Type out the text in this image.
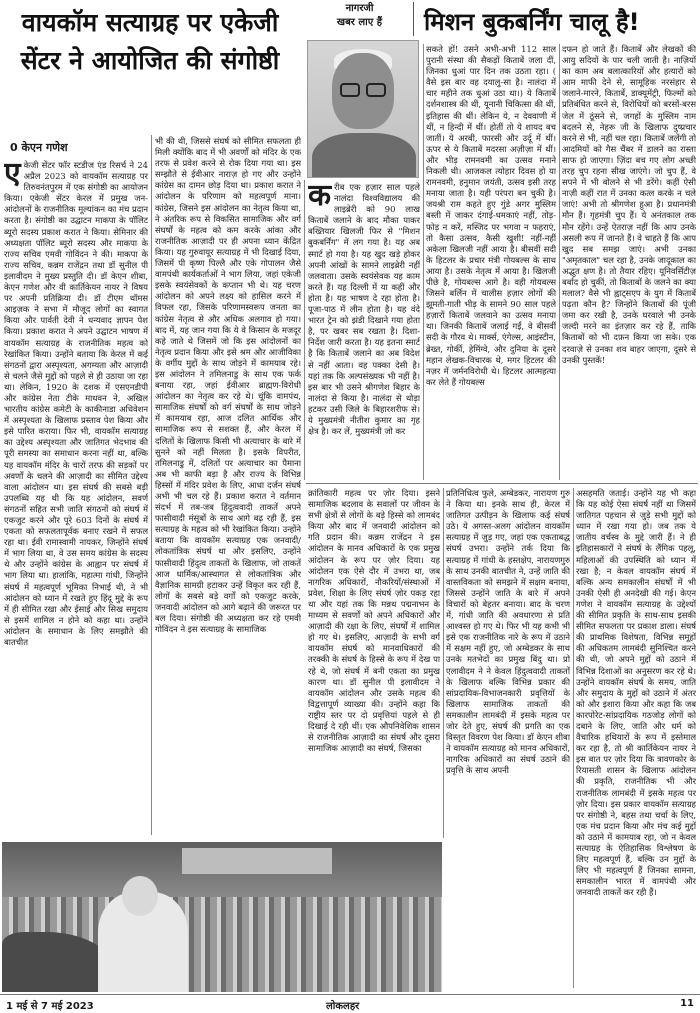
वायकॉम सत्याग्रह पर एकेजी सेंटर ने आयोजित की संगोष्ठी
0 केएन गणेश
नागरजी
खबर लाए हैं	मिशन बुकबर्निंग चालू है!
एकेजी सेंटर फॉर स्टडीज एंड रिसर्च ने 24 अप्रैल 2023 को वायकॉम सत्याग्रह पर तिरुवनंतपुरम में एक संगोष्ठी का आयोजन किया। एकेजी सेंटर केरल में प्रमुख जन-आंदोलनों के राजनीतिक मूल्यांकन का मंच प्रदान करता है। संगोष्ठी का उद्घाटन माकपा के पॉलिट ब्यूरो सदस्य प्रकाश करात ने किया। सेमिनार की अध्यक्षता पॉलिट ब्यूरो सदस्य और माकपा के राज्य सचिव एमवी गोविंदन ने की। माकपा के राज्य सचिव, कन्नम राजेंद्रन तथा डॉ सुनील पी इलावीदम ने मुख्य प्रस्तुति दी। डॉ केएन शीबा, केएन गणेश और वी कार्तिकेयन नायर ने विषय पर अपनी प्रतिक्रिया दी। डॉ टीएम थॉमस आइज़क ने सभा में मौजूद लोगों का स्वागत किया और पार्वती देवी ने धन्यवाद ज्ञापन पेश किया। प्रकाश करात ने अपने उद्घाटन भाषण में वायकॉम सत्याग्रह के राजनीतिक महत्व को रेखांकित किया। उन्होंने बताया कि केरल में कई संगठनों द्वारा अस्पृश्यता, अगम्यता और आज़ादी से चलने जैसे मुद्दों को पहले से ही उठाया जा रहा था। लेकिन, 1920 के दशक में एसएनडीपी और कांग्रेस नेता टीके माधवन ने, अखिल भारतीय कांग्रेस कमेटी के काकीनाडा अधिवेशन में अस्पृश्यता के खिलाफ प्रस्ताव पेश किया और इसे पारित कराया। फिर भी, वायकॉम सत्याग्रह का उद्देश्य अस्पृश्यता और जातिगत भेदभाव की पूरी समस्या का समाधान करना नहीं था, बल्कि यह वायकॉम मंदिर के चारों तरफ की सड़कों पर अवर्णों के चलने की आज़ादी का सीमित उद्देश्य वाला आंदोलन था। इस संघर्ष की सबसे बड़ी उपलब्धि यह थी कि यह आंदोलन, सवर्ण संगठनों सहित सभी जाति संगठनों को संघर्ष में एकजुट करने और पूरे 603 दिनों के संघर्ष में एकता को सफलतापूर्वक बनाए रखने में सफल रहा था। ईवी रामास्वामी नायकर, जिन्होंने संघर्ष में भाग लिया था, वे उस समय कांग्रेस के सदस्य थे और उन्होंने कांग्रेस के आह्वान पर संघर्ष में भाग लिया था। हालांकि, महात्मा गांधी, जिन्होंने संघर्ष में महत्वपूर्ण भूमिका निभाई थी, ने भी आंदोलन को ध्यान में रखते हुए हिंदू मुद्दे के रूप में ही सीमित रखा और ईसाई और सिख समुदाय से इसमें शामिल न होने को कहा था। उन्होंने आंदोलन के समाधान के लिए समझौते की बातचीत
भी की थी, जिससे संघर्ष को सीमित सफलता ही मिली क्योंकि बाद में भी अवर्णों को मंदिर के एक तरफ से प्रवेश करने से रोक दिया गया था। इस सम्झौते से ईवीआर नाराज़ हो गए और उन्होंने कांग्रेस का दामन छोड़ दिया था। प्रकाश करात ने आंदोलन के परिणाम को महत्वपूर्ण माना। कांग्रेस, जिसने इस आंदोलन का नेतृत्व किया था, ने अंतरिक रूप से विकसित सामाजिक और वर्ग संघर्षों के महत्व को कम करके आंका और राजनीतिक आज़ादी पर ही अपना ध्यान केंद्रित किया। यह गुरुवायूर सत्याग्रह में भी दिखाई दिया, जिसमें पी कृष्ण पिल्लै और एके गोपालन जैसे वामपंथी कार्यकर्ताओं ने भाग लिया, जहां एकेजी इसके स्वयंसेवकों के कप्तान भी थे। यह चरण आंदोलन को अपने लक्ष्य को हासिल करने में विफल रहा, जिसके परिणामस्वरूप जनता का कांग्रेस नेतृत्व से और अधिक अलगाव हो गया। बाद में, यह जान गया कि ये वे किसान के मजदूर कहे जाते थे जिसमें जो कि इस आंदोलनों का नेतृत्व प्रदान किया और इसे श्रम और आजीविका के वर्गीय मुद्दों के साथ जोड़ने में कामयाब रहे। इस आंदोलन ने तमिलनाडु के साथ एक फर्क बनाया रहा, जहां ईवीआर ब्राह्मण-विरोधी आंदोलन का नेतृत्व कर रहे थे। चूंकि वामपंथ, सामाजिक संघर्षों को वर्ग संघर्षों के साथ जोड़ने में कामयाब रहा, आज दलित आर्थिक और सामाजिक रूप से सशक्त हैं, और केरल में दलितों के खिलाफ किसी भी अत्याचार के बारे में सुनने को नहीं मिलता है। इसके विपरीत, तमिलनाडु में, दलितों पर अत्याचार का पैमाना अब भी काफी बड़ा है और राज्य के विभिन्न हिस्सों में मंदिर प्रवेश के लिए, आधा दर्जन संघर्ष अभी भी चल रहे हैं। प्रकाश करात ने वर्तमान संदर्भ में तब-जब हिंदुत्ववादी ताकतें अपने फासीवादी मंसूबों के साथ आगे बढ़ रही हैं, इस सत्याग्रह के महत्व को भी रेखांकित किया। उन्होंने बताया कि वायकॉम सत्याग्रह एक जनवादी/लोकतांत्रिक संघर्ष था और इसलिए, उन्होंने फासीवादी हिंदुत्व ताकतों के खिलाफ, जो ताकतें आज धार्मिक/आस्थागत से लोकतांत्रिक और वैज्ञानिक सामग्री हटाकर उन्हें विकृत कर रही हैं, लोगों के सबसे बड़े वर्गों को एकजुट करके, जनवादी आंदोलन को आगे बढ़ाने की जरूरत पर बल दिया। संगोष्ठी की अध्यक्षता कर रहे एमवी गोविंदन ने इस सत्याग्रह के सामाजिक
करीब एक हज़ार साल पहले नालंदा विश्वविद्यालय की लाइब्रेरी को 90 लाख किताबें जलाने के बाद मौका पाकर बख्तियार खिलजी फिर से "मिशन बुकबर्निंग" में लग गया है। यह अब स्मार्ट हो गया है। यह खुद खड़े होकर अपनी आंखों के सामने लाइब्रेरी नहीं जलवाता। उसके स्वयंसेवक यह काम करते हैं। यह दिल्ली में या कहीं और होता है। यह भाषण दे रहा होता है। पूजा-पाठ में लीन होता है। यह वंदे भारत ट्रेन को झंडी दिखाने गया होता है, पर खबर सब रखता है। दिशा-निर्देश जारी करता है। यह इतना स्मार्ट है कि किताबें जलाने का अब विदेश से नहीं आता। वह पक्का देसी है। यहां तक कि अल्पसंख्यक भी नहीं है। इस बार भी उसने श्रीगणेश बिहार के नालंदा से किया है। नालंदा से थोड़ा हटकर उसी जिले के बिहारशरीफ से। ये मुख्यमंत्री नीतीश कुमार का गृह क्षेत्र है। कर लें, मुख्यमंत्री जो कर
सकते हों! उसने अभी-अभी 112 साल पुरानी संस्था की सैकड़ों किताबें जला दीं, जिनका धुआं पार दिन तक उठता रहा। ( वैसे इस बार वह दयालु-सा है। नालंदा में चार महीने तक धुआं उठा था।) ये किताबें दर्शनशास्त्र की थीं, यूनानी चिकित्सा की थीं, इतिहास की थीं। लेकिन ये, न देववाणी में थीं, न हिन्दी में थीं। होतीं तो ये शायद बच जातीं। ये अरबी, फारसी और उर्दू में थीं। ऊपर से ये किताबें मदरसा अज़ीज़ा में थीं। और भीड़ रामनवमी का उत्सव मनाने निकली थी। आजकल त्योहार दिवस हो या रामनवमी, हनुमान जयंती, उत्सव इसी तरह मनाया जाता है। यही परंपरा बन चुकी है। जयश्री राम कहते हुए गुंडे अगर मुस्लिम बस्ती में जाकर दंगाई-धमकाएं नहीं, तोड़-फोड़ न करें, मस्जिद पर भगवा न फहराएं, तो कैसा उत्सव, कैसी खुशी! नहीं-नहीं अकेला खिलजी नहीं आया है। बीसवीं सदी के हिटलर के प्रचार मंत्री गोयबल्स के साथ आया है। उसके नेतृत्व में आया है। खिलजी पीछे है, गोयबल्स आगे है। वही गोयबल्स जिसने बर्लिन में चालीस हज़ार लोगों की झूमती-गाती भीड़ के सामने 90 साल पहले हज़ारों किताबें जलवाने का उत्सव मनाया था। जिनकी किताबें जलाई गईं, वे बीसवीं सदी के गौरव थे। मार्क्स, एंगेल्स, आइंस्टीन, ब्रेख्त, गोर्की, हेमिंग्वे, और दुनिया के दूसरे महान लेखक-विचारक थे, मगर हिटलर की नज़र में जर्मनविरोधी थे। हिटलर आत्महत्या कर लेते हैं गोयबल्स
दफन हो जाते हैं। किताबें और लेखकों की आयु सदियों के पार चली जाती है। नाज़ियों का काम अब बलात्कारियों और हत्यारों को आम माफी देने से, सामूहिक नरसंहार से जलाने-मारने, कितार्बे, डाक्यूमेंट्री, फिल्मों को प्रतिबंधित करने से, विरोधियों को बरसों-बरस जेल में ठूंसने से, जगहों के मुस्लिम नाम बदलने से, नेहरू जी के खिलाफ दुष्प्रचार करने से भी, नहीं चल रहा। किताबें जलेंगी तो आदमियों को गैस चैंबर में डालने का रास्ता साफ हो जाएगा। ज़िंदा बच गए लोग अच्छी तरह चुप रहना सीख जाएंगे। जो चुप हैं, वे सपने में भी बोलने से भी डरेंगे। कहीं ऐसी नाज़ी कहीं रात में उनका कत्ल करके न चले जाएं! अभी तो श्रीगणेश हुआ है। प्रधानमंत्री मौन हैं। गृहमंत्री चुप हैं। ये अनंतकाल तक मौन रहेंगे। उन्हें ऐतराज़ नहीं कि आप उनके असली रूप में जानते हैं। वे चाहते हैं कि आप खुद सब समझ जाएं। अभी उनका "अमृतकाल" चल रहा है, उनके जादूकाल का अद्भुत क्षण है। तो तैयार रहिए। यूनिवर्सिटीज़ बर्बाद हो चुकीं, तो किताबों के जलने का क्या मलाल? वैसे भी ह्वाट्सएप के युग में किताबें पढ़ता कौन है? जिन्होंने किताबों की पूंजी जमा कर रखी है, उनके घरवाले भी उनके जल्दी मरने का इंतज़ार कर रहे हैं, ताकि किताबों को भी दफ़न किया जा सके। एक दरवाज़े से उनका शव बाहर जाएगा, दूसरे से उनकी पुस्तकें!
क्रांतिकारी महत्व पर ज़ोर दिया। इसने सामाजिक बदलाव के सवालों पर जीवन के सभी क्षेत्रों से लोगों के बड़े हिस्से को लामबंद किया और बाद में जनवादी आंदोलन को गति प्रदान की। कन्नम राजेंद्रन ने इस आंदोलन के मानव अधिकारों के एक प्रमुख आंदोलन के रूप पर ज़ोर दिया। यह आंदोलन एक ऐसे दौर में उभरा था, जब नागरिक अधिकारों, नौकरियों/संस्थाओं में प्रवेश, शिक्षा के लिए संघर्ष ज़ोर पकड़ रहा था और यहां तक कि मन्नथ पद्मनाभन के माध्यम से सवर्णों को अपने अधिकारों और आज़ादी की रक्षा के लिए, संघर्षों में शामिल हो गए थे। इसलिए, आज़ादी के सभी वर्ग वायकॉम संघर्ष को मानवाधिकारों की तरक्की के संघर्ष के हिस्से के रूप में देख पा रहे थे, जो संघर्ष में बनी एकता का प्रमुख कारण था। डॉ सुनील पी इलावीदम ने वायकॉम आंदोलन और उसके महत्व की विद्वत्तापूर्ण व्याख्या की। उन्होंने कहा कि राष्ट्रीय स्तर पर दो प्रवृत्तियां पहले से ही दिखाई दे रही थीं। एक औपनिवेशिक शासन से राजनीतिक आज़ादी का संघर्ष और दूसरा सामाजिक आज़ादी का संघर्ष, जिसका
प्रतिनिधित्व फुले, अम्बेडकर, नारायण गुरु ने किया था। इनके साथ ही, केरल में जातिगत उत्पीड़न के खिलाफ कई संघर्ष उठे। ये अगस्त-अलग आंदोलन वायकॉम सत्याग्रह में जुड़ गए, जहां एक एकताबद्ध संघर्ष उभरा। उन्होंने तर्क दिया कि सत्याग्रह में गांधी के हस्तक्षेप, नारायणगुरु के साथ उनकी बातचीत ने, उन्हें जाति की वास्तविकता को समझने में सक्षम बनाया, जिससे उन्होंने जाति के बारे में अपने विचारों को बेहतर बनाया। बाद के चरण में, गांधी जाति की अवधारणा से प्रति आश्वस्त हो गए थे। फिर भी यह कभी भी इसे एक राजनीतिक नारे के रूप में उठाने में सक्षम नहीं हुए, जो अम्बेडकर के साथ उनके मतभेदों का प्रमुख बिंदु था। प्रो एलावीदम ने ने केवल हिंदुत्ववादी ताकतों के खिलाफ बल्कि विभिन्न प्रकार की सांप्रदायिक-विभाजनकारी प्रवृत्तियों के खिलाफ सामाजिक ताकतों की समकालीन लामबंदी में इसके महत्व पर जोर देते हुए, संघर्ष की प्रगति का एक विस्तृत विवरण पेश किया। डॉ केएन शीबा ने वायकॉम सत्याग्रह को मानव अधिकारों, नागरिक अधिकारों का संघर्ष उठाने की प्रवृत्ति के साथ अपनी
असहमति जताई। उन्होंने यह भी कहा कि यह कोई ऐसा संघर्ष नहीं था जिसमें जातिगत पहचान से जुड़े सभी मुद्दों को ध्यान में रखा गया हो। जब तक ये जातीय वर्चस्व के मुद्दे जारी हैं। ने ही इतिहासकारों ने संघर्ष के लैंगिक पहलू, महिलाओं की उपस्थिति को ध्यान में रखा है; न केवल वायकॉम संघर्ष में बल्कि अन्य समकालीन संघर्षों में भी उनकी ऐसी ही अनदेखी की गई। केएन गणेश ने वायकॉम सत्याग्रह के उद्देश्यों की सीमित प्रकृति के साथ-साथ इसकी सीमित सफलता पर प्रकाश डाला। संघर्ष की प्राथमिक विशेषता, विभिन्न समूहों की अधिकतम लामबंदी सुनिश्चित करने की थी, जो अपने मुद्दों को उठाने में विभिन्न दिशाओं का अनुसरण कर रहे थे। उन्होंने वायकॉम संघर्ष के समय, जाति और समुदाय के मुद्दों को उठाने में अंतर को और इशारा किया और कहा कि जब कारपोरेट-सांप्रदायिक गठजोड़ लोगों को दबाने के लिए, जाति और धर्म को वैचारिक हथियारों के रूप में इस्तेमाल कर रहा है, तो श्री कार्तिकेयन नायर ने इस बात पर ज़ोर दिया कि त्रावणकोर के रियासती शासन के खिलाफ आंदोलन की प्रकृति, राजनीतिक भी और राजनीतिक लामबंदी में इसके महत्व पर ज़ोर दिया। इस प्रकार वायकॉम सत्याग्रह पर संगोष्ठी ने, बहस तथा चर्चा के लिए, एक मंच प्रदान किया और मंच कई मुद्दों को उठाने में कामयाब रहा, जो न केवल सत्याग्रह के ऐतिहासिक विश्लेषण के लिए महत्वपूर्ण हैं, बल्कि उन मुद्दों के लिए भी महत्वपूर्ण हैं जिनका सामना, समकालीन भारत में वामपंथी और जनवादी ताकतें कर रही हैं।
1 मई से 7 मई 2023	लोकलहर	11
